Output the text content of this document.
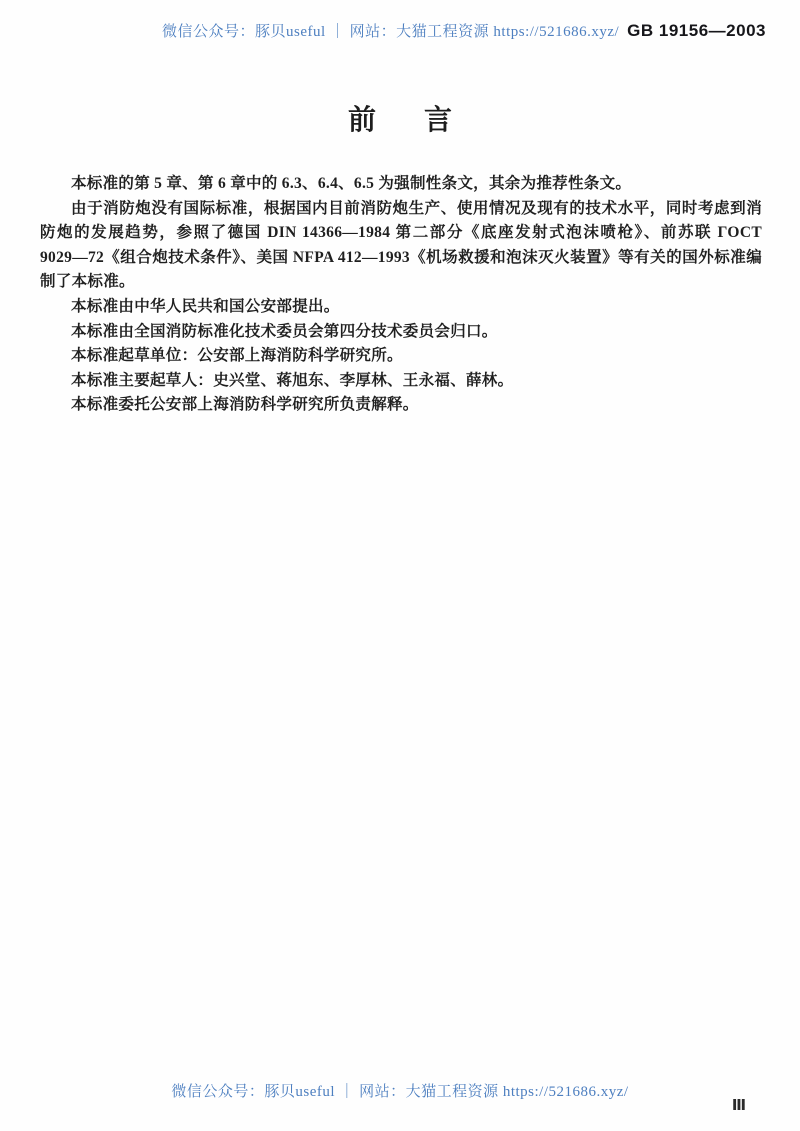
微信公众号：豚贝useful ｜ 网站：大猫工程资源 https://521686.xyz/ GB 19156—2003
前 言
本标准的第 5 章、第 6 章中的 6.3、6.4、6.5 为强制性条文，其余为推荐性条文。
由于消防炮没有国际标准，根据国内目前消防炮生产、使用情况及现有的技术水平，同时考虑到消
防炮的发展趋势，参照了德国 DIN 14366—1984 第二部分《底座发射式泡沫喷枪》、前苏联 ГОСТ
9029—72《组合炮技术条件》、美国 NFPA 412—1993《机场救援和泡沫灭火装置》等有关的国外标准编
制了本标准。
本标准由中华人民共和国公安部提出。
本标准由全国消防标准化技术委员会第四分技术委员会归口。
本标准起草单位：公安部上海消防科学研究所。
本标准主要起草人：史兴堂、蒋旭东、李厚林、王永福、薛林。
本标准委托公安部上海消防科学研究所负责解释。
微信公众号：豚贝useful ｜ 网站：大猫工程资源 https://521686.xyz/
Ⅲ
